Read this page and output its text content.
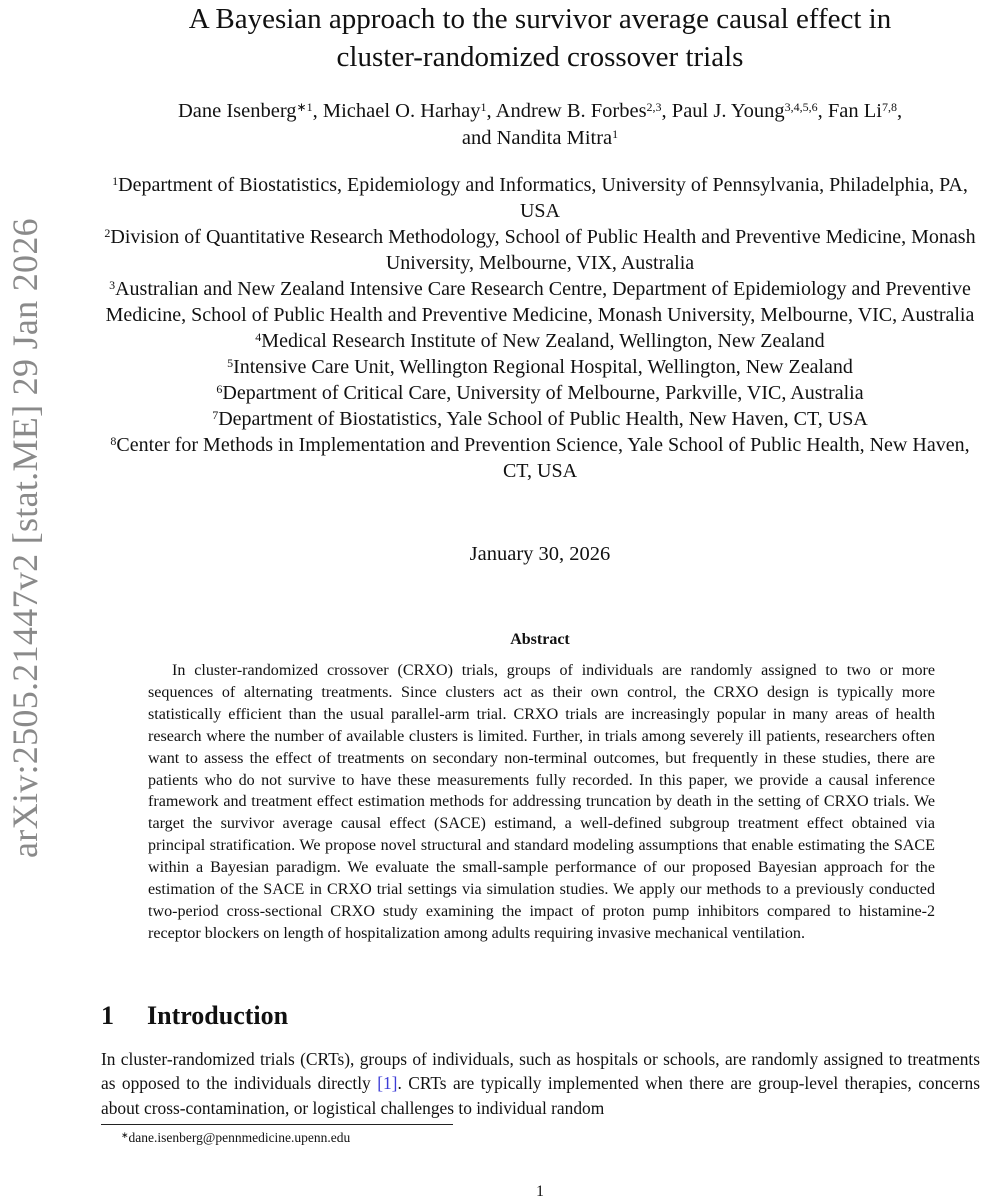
arXiv:2505.21447v2 [stat.ME] 29 Jan 2026
A Bayesian approach to the survivor average causal effect in
cluster-randomized crossover trials
Dane Isenberg$^{∗1}$, Michael O. Harhay$^1$, Andrew B. Forbes$^{2,3}$, Paul J. Young$^{3,4,5,6}$, Fan Li$^{7,8}$,
and Nandita Mitra$^1$
$^1$Department of Biostatistics, Epidemiology and Informatics, University of Pennsylvania, Philadelphia, PA, USA
$^2$Division of Quantitative Research Methodology, School of Public Health and Preventive Medicine, Monash University, Melbourne, VIX, Australia
$^3$Australian and New Zealand Intensive Care Research Centre, Department of Epidemiology and Preventive Medicine, School of Public Health and Preventive Medicine, Monash University, Melbourne, VIC, Australia
$^4$Medical Research Institute of New Zealand, Wellington, New Zealand
$^5$Intensive Care Unit, Wellington Regional Hospital, Wellington, New Zealand
$^6$Department of Critical Care, University of Melbourne, Parkville, VIC, Australia
$^7$Department of Biostatistics, Yale School of Public Health, New Haven, CT, USA
$^8$Center for Methods in Implementation and Prevention Science, Yale School of Public Health, New Haven, CT, USA
January 30, 2026
Abstract

In cluster-randomized crossover (CRXO) trials, groups of individuals are randomly assigned to two or more sequences of alternating treatments. Since clusters act as their own control, the CRXO design is typically more statistically efficient than the usual parallel-arm trial. CRXO trials are increasingly popular in many areas of health research where the number of available clusters is limited. Further, in trials among severely ill patients, researchers often want to assess the effect of treatments on secondary non-terminal outcomes, but frequently in these studies, there are patients who do not survive to have these measurements fully recorded. In this paper, we provide a causal inference framework and treatment effect estimation methods for addressing truncation by death in the setting of CRXO trials. We target the survivor average causal effect (SACE) estimand, a well-defined subgroup treatment effect obtained via principal stratification. We propose novel structural and standard modeling assumptions that enable estimating the SACE within a Bayesian paradigm. We evaluate the small-sample performance of our proposed Bayesian approach for the estimation of the SACE in CRXO trial settings via simulation studies. We apply our methods to a previously conducted two-period cross-sectional CRXO study examining the impact of proton pump inhibitors compared to histamine-2 receptor blockers on length of hospitalization among adults requiring invasive mechanical ventilation.

1 Introduction

In cluster-randomized trials (CRTs), groups of individuals, such as hospitals or schools, are randomly assigned to treatments as opposed to the individuals directly [1]. CRTs are typically implemented when there are group-level therapies, concerns about cross-contamination, or logistical challenges to individual random

∗dane.isenberg@pennmedicine.upenn.edu
1
